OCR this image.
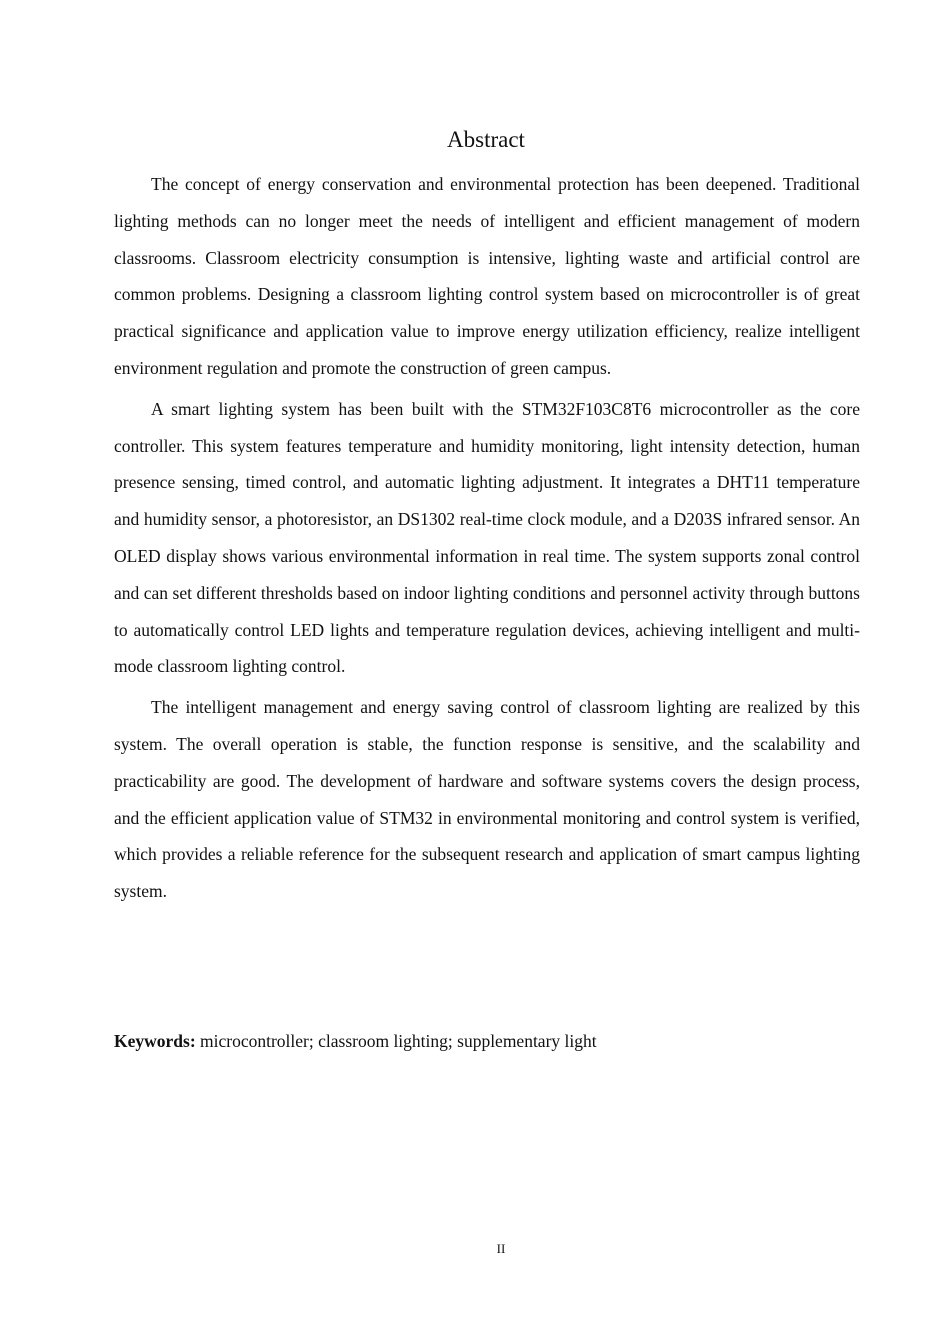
Abstract

The concept of energy conservation and environmental protection has been deepened. Traditional lighting methods can no longer meet the needs of intelligent and efficient management of modern classrooms. Classroom electricity consumption is intensive, lighting waste and artificial control are common problems. Designing a classroom lighting control system based on microcontroller is of great practical significance and application value to improve energy utilization efficiency, realize intelligent environment regulation and promote the construction of green campus.

A smart lighting system has been built with the STM32F103C8T6 microcontroller as the core controller. This system features temperature and humidity monitoring, light intensity detection, human presence sensing, timed control, and automatic lighting adjustment. It integrates a DHT11 temperature and humidity sensor, a photoresistor, an DS1302 real-time clock module, and a D203S infrared sensor. An OLED display shows various environmental information in real time. The system supports zonal control and can set different thresholds based on indoor lighting conditions and personnel activity through buttons to automatically control LED lights and temperature regulation devices, achieving intelligent and multi-mode classroom lighting control.

The intelligent management and energy saving control of classroom lighting are realized by this system. The overall operation is stable, the function response is sensitive, and the scalability and practicability are good. The development of hardware and software systems covers the design process, and the efficient application value of STM32 in environmental monitoring and control system is verified, which provides a reliable reference for the subsequent research and application of smart campus lighting system.

Keywords: microcontroller; classroom lighting; supplementary light
II
